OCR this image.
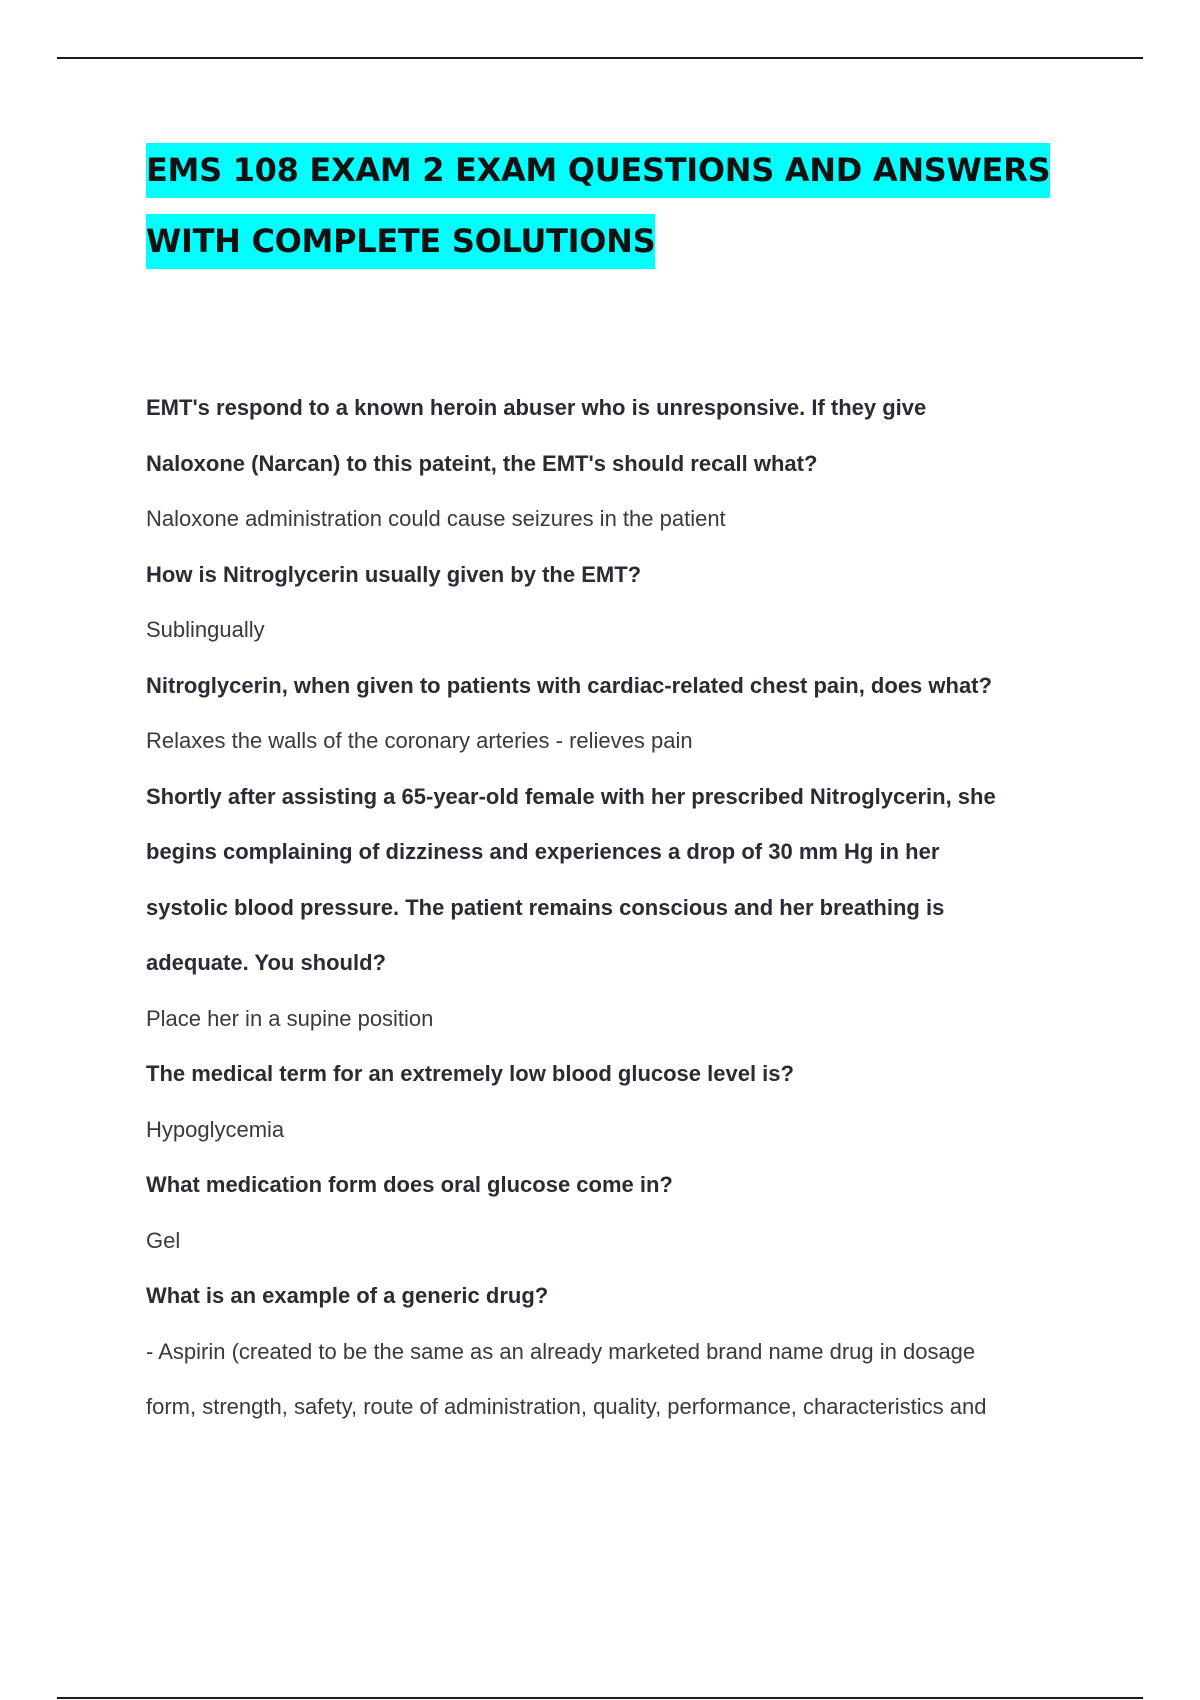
EMS 108 EXAM 2 EXAM QUESTIONS AND ANSWERS
WITH COMPLETE SOLUTIONS
EMT's respond to a known heroin abuser who is unresponsive. If they give
Naloxone (Narcan) to this pateint, the EMT's should recall what?
Naloxone administration could cause seizures in the patient
How is Nitroglycerin usually given by the EMT?
Sublingually
Nitroglycerin, when given to patients with cardiac-related chest pain, does what?
Relaxes the walls of the coronary arteries - relieves pain
Shortly after assisting a 65-year-old female with her prescribed Nitroglycerin, she
begins complaining of dizziness and experiences a drop of 30 mm Hg in her
systolic blood pressure. The patient remains conscious and her breathing is
adequate. You should?
Place her in a supine position
The medical term for an extremely low blood glucose level is?
Hypoglycemia
What medication form does oral glucose come in?
Gel
What is an example of a generic drug?
- Aspirin (created to be the same as an already marketed brand name drug in dosage
form, strength, safety, route of administration, quality, performance, characteristics and
